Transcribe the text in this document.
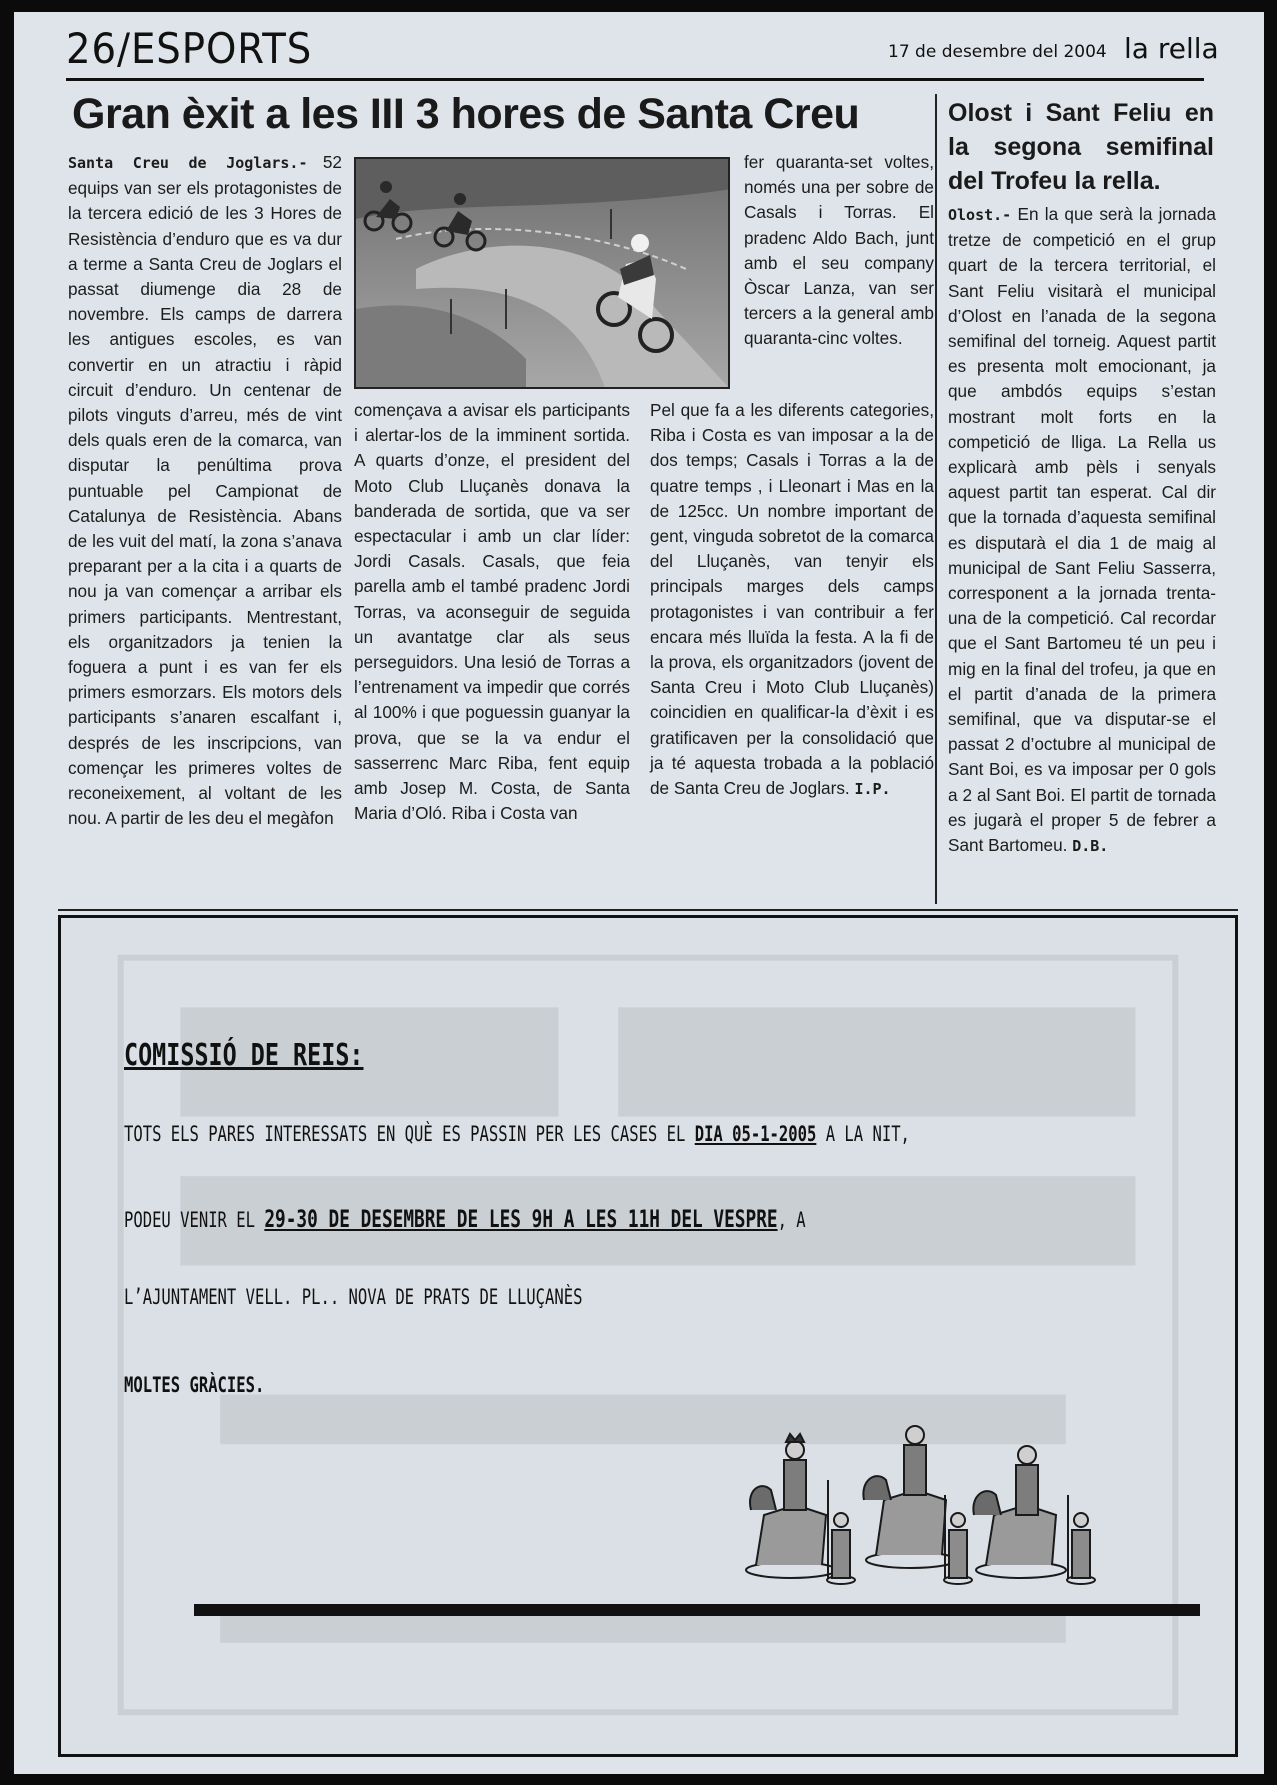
26/ESPORTS	17 de desembre del 2004 la rella
Gran èxit a les III 3 hores de Santa Creu

Santa Creu de Joglars.- 52 equips van ser els protagonistes de la tercera edició de les 3 Hores de Resistència d’enduro que es va dur a terme a Santa Creu de Joglars el passat diumenge dia 28 de novembre. Els camps de darrera les antigues escoles, es van convertir en un atractiu i ràpid circuit d’enduro. Un centenar de pilots vinguts d’arreu, més de vint dels quals eren de la comarca, van disputar la penúltima prova puntuable pel Campionat de Catalunya de Resistència. Abans de les vuit del matí, la zona s’anava preparant per a la cita i a quarts de nou ja van començar a arribar els primers participants. Mentrestant, els organitzadors ja tenien la foguera a punt i es van fer els primers esmorzars. Els motors dels participants s’anaren escalfant i, després de les inscripcions, van començar les primeres voltes de reconeixement, al voltant de les nou. A partir de les deu el megàfon

començava a avisar els participants i alertar-los de la imminent sortida. A quarts d’onze, el president del Moto Club Lluçanès donava la banderada de sortida, que va ser espectacular i amb un clar líder: Jordi Casals. Casals, que feia parella amb el també pradenc Jordi Torras, va aconseguir de seguida un avantatge clar als seus perseguidors. Una lesió de Torras a l’entrenament va impedir que corrés al 100% i que poguessin guanyar la prova, que se la va endur el sasserrenc Marc Riba, fent equip amb Josep M. Costa, de Santa Maria d’Oló. Riba i Costa van

fer quaranta-set voltes, només una per sobre de Casals i Torras. El pradenc Aldo Bach, junt amb el seu company Òscar Lanza, van ser tercers a la general amb quaranta-cinc voltes.

Pel que fa a les diferents categories, Riba i Costa es van imposar a la de dos temps; Casals i Torras a la de quatre temps , i Lleonart i Mas en la de 125cc. Un nombre important de gent, vinguda sobretot de la comarca del Lluçanès, van tenyir els principals marges dels camps protagonistes i van contribuir a fer encara més lluïda la festa. A la fi de la prova, els organitzadors (jovent de Santa Creu i Moto Club Lluçanès) coincidien en qualificar-la d’èxit i es gratificaven per la consolidació que ja té aquesta trobada a la població de Santa Creu de Joglars. I.P.

Olost i Sant Feliu en la segona semifinal del Trofeu la rella.

Olost.- En la que serà la jornada tretze de competició en el grup quart de la tercera territorial, el Sant Feliu visitarà el municipal d’Olost en l’anada de la segona semifinal del torneig. Aquest partit es presenta molt emocionant, ja que ambdós equips s’estan mostrant molt forts en la competició de lliga. La Rella us explicarà amb pèls i senyals aquest partit tan esperat. Cal dir que la tornada d’aquesta semifinal es disputarà el dia 1 de maig al municipal de Sant Feliu Sasserra, corresponent a la jornada trenta-una de la competició. Cal recordar que el Sant Bartomeu té un peu i mig en la final del trofeu, ja que en el partit d’anada de la primera semifinal, que va disputar-se el passat 2 d’octubre al municipal de Sant Boi, es va imposar per 0 gols a 2 al Sant Boi. El partit de tornada es jugarà el proper 5 de febrer a Sant Bartomeu. D.B.

COMISSIÓ DE REIS:
TOTS ELS PARES INTERESSATS EN QUÈ ES PASSIN PER LES CASES EL DIA 05-1-2005 A LA NIT,
PODEU VENIR EL 29-30 DE DESEMBRE DE LES 9H A LES 11H DEL VESPRE, A
L’AJUNTAMENT VELL. PL.. NOVA DE PRATS DE LLUÇANÈS
MOLTES GRÀCIES.
